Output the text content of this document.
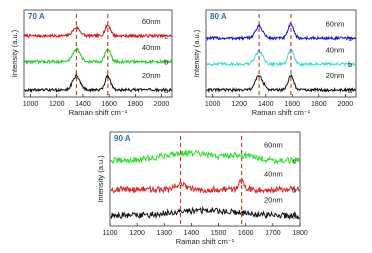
70 A
60nm
c
40nm
b
20nm
a
1000 1200 1400 1600 1800 2000
Raman shift cm⁻¹
Intensity (a.u.)
80 A
60nm
c
40nm
b
20nm
a
1000 1200 1400 1600 1800 2000
Raman shift cm⁻¹
Intensity (a.u.)
90 A
60nm
c
40nm
b
20nm
a
1100 1200 1300 1400 1500 1600 1700 1800
Raman shift cm⁻¹
Intensity (a.u.)
